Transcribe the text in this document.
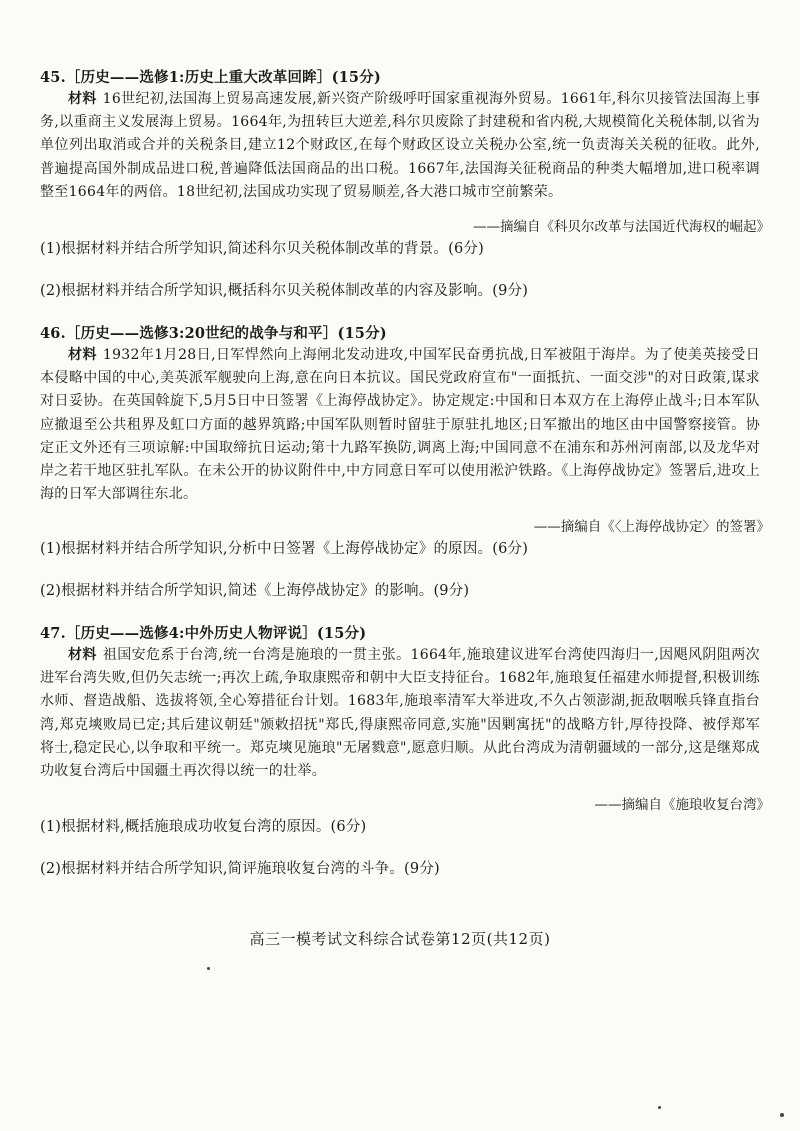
45.［历史——选修1:历史上重大改革回眸］(15分)
材料 16世纪初,法国海上贸易高速发展,新兴资产阶级呼吁国家重视海外贸易。1661年,科尔贝接管法国海上事务,以重商主义发展海上贸易。1664年,为扭转巨大逆差,科尔贝废除了封建税和省内税,大规模简化关税体制,以省为单位列出取消或合并的关税条目,建立12个财政区,在每个财政区设立关税办公室,统一负责海关关税的征收。此外,普遍提高国外制成品进口税,普遍降低法国商品的出口税。1667年,法国海关征税商品的种类大幅增加,进口税率调整至1664年的两倍。18世纪初,法国成功实现了贸易顺差,各大港口城市空前繁荣。
——摘编自《科贝尔改革与法国近代海权的崛起》
(1)根据材料并结合所学知识,简述科尔贝关税体制改革的背景。(6分)
(2)根据材料并结合所学知识,概括科尔贝关税体制改革的内容及影响。(9分)
46.［历史——选修3:20世纪的战争与和平］(15分)
材料 1932年1月28日,日军悍然向上海闸北发动进攻,中国军民奋勇抗战,日军被阻于海岸。为了使美英接受日本侵略中国的中心,美英派军舰驶向上海,意在向日本抗议。国民党政府宣布"一面抵抗、一面交涉"的对日政策,谋求对日妥协。在英国斡旋下,5月5日中日签署《上海停战协定》。协定规定:中国和日本双方在上海停止战斗;日本军队应撤退至公共租界及虹口方面的越界筑路;中国军队则暂时留驻于原驻扎地区;日军撤出的地区由中国警察接管。协定正文外还有三项谅解:中国取缔抗日运动;第十九路军换防,调离上海;中国同意不在浦东和苏州河南部,以及龙华对岸之若干地区驻扎军队。在未公开的协议附件中,中方同意日军可以使用淞沪铁路。《上海停战协定》签署后,进攻上海的日军大部调往东北。
——摘编自《〈上海停战协定〉的签署》
(1)根据材料并结合所学知识,分析中日签署《上海停战协定》的原因。(6分)
(2)根据材料并结合所学知识,简述《上海停战协定》的影响。(9分)
47.［历史——选修4:中外历史人物评说］(15分)
材料 祖国安危系于台湾,统一台湾是施琅的一贯主张。1664年,施琅建议进军台湾使四海归一,因飓风阴阻两次进军台湾失败,但仍矢志统一;再次上疏,争取康熙帝和朝中大臣支持征台。1682年,施琅复任福建水师提督,积极训练水师、督造战船、选拔将领,全心筹措征台计划。1683年,施琅率清军大举进攻,不久占领澎湖,扼敌咽喉兵锋直指台湾,郑克塽败局已定;其后建议朝廷"颁敕招抚"郑氏,得康熙帝同意,实施"因剿寓抚"的战略方针,厚待投降、被俘郑军将士,稳定民心,以争取和平统一。郑克塽见施琅"无屠戮意",愿意归顺。从此台湾成为清朝疆域的一部分,这是继郑成功收复台湾后中国疆土再次得以统一的壮举。
——摘编自《施琅收复台湾》
(1)根据材料,概括施琅成功收复台湾的原因。(6分)
(2)根据材料并结合所学知识,简评施琅收复台湾的斗争。(9分)
高三一模考试文科综合试卷第12页(共12页)
